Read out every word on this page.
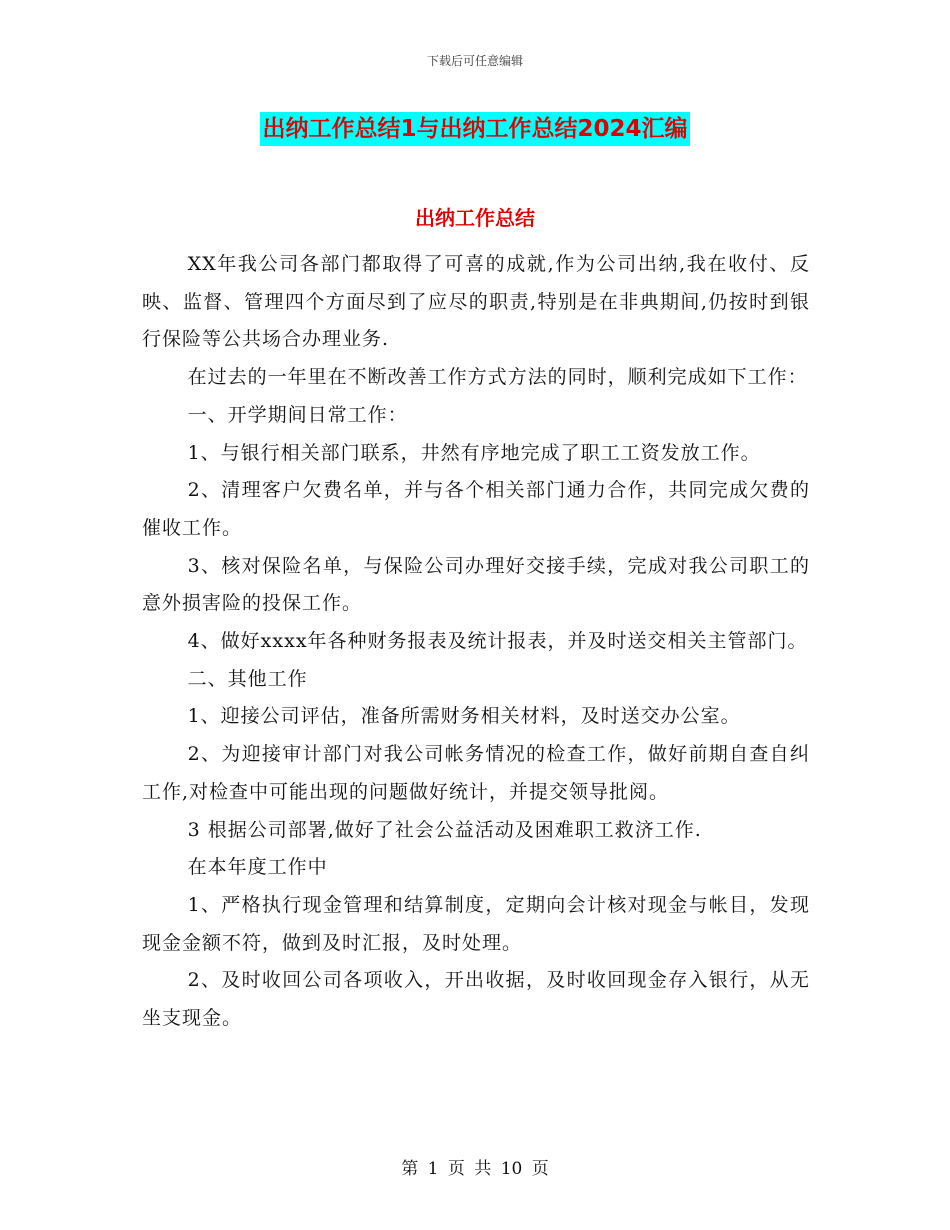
下载后可任意编辑
出纳工作总结1与出纳工作总结2024汇编
出纳工作总结

XX年我公司各部门都取得了可喜的成就,作为公司出纳,我在收付、反映、监督、管理四个方面尽到了应尽的职责,特别是在非典期间,仍按时到银行保险等公共场合办理业务.

在过去的一年里在不断改善工作方式方法的同时，顺利完成如下工作：

一、开学期间日常工作：

1、与银行相关部门联系，井然有序地完成了职工工资发放工作。

2、清理客户欠费名单，并与各个相关部门通力合作，共同完成欠费的催收工作。

3、核对保险名单，与保险公司办理好交接手续，完成对我公司职工的意外损害险的投保工作。

4、做好xxxx年各种财务报表及统计报表，并及时送交相关主管部门。

二、其他工作

1、迎接公司评估，准备所需财务相关材料，及时送交办公室。

2、为迎接审计部门对我公司帐务情况的检查工作，做好前期自查自纠工作,对检查中可能出现的问题做好统计，并提交领导批阅。

3 根据公司部署,做好了社会公益活动及困难职工救济工作.

在本年度工作中

1、严格执行现金管理和结算制度，定期向会计核对现金与帐目，发现现金金额不符，做到及时汇报，及时处理。

2、及时收回公司各项收入，开出收据，及时收回现金存入银行，从无坐支现金。

第 1 页 共 10 页
